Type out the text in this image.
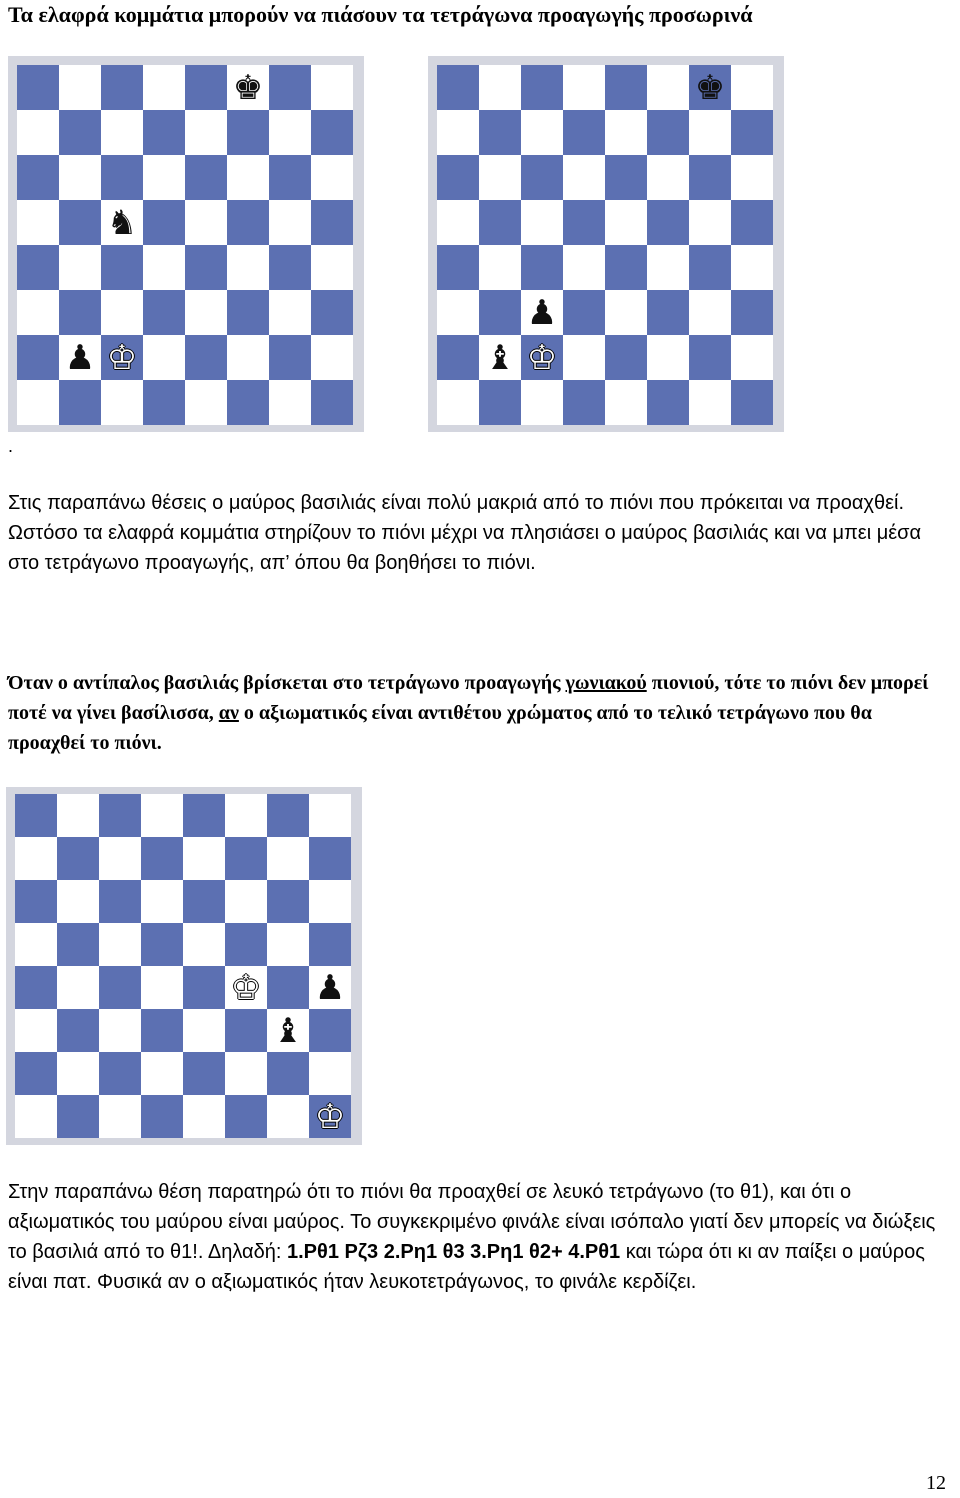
Τα ελαφρά κομμάτια μπορούν να πιάσουν τα τετράγωνα προαγωγής προσωρινά
♚
♞
♟ ♔
♚
♟
♝ ♔
.

Στις παραπάνω θέσεις ο μαύρος βασιλιάς είναι πολύ μακριά από το πιόνι που πρόκειται να προαχθεί. Ωστόσο τα ελαφρά κομμάτια στηρίζουν το πιόνι μέχρι να πλησιάσει ο μαύρος βασιλιάς και να μπει μέσα στο τετράγωνο προαγωγής, απ’ όπου θα βοηθήσει το πιόνι.

Όταν ο αντίπαλος βασιλιάς βρίσκεται στο τετράγωνο προαγωγής γωνιακού πιονιού, τότε το πιόνι δεν μπορεί ποτέ να γίνει βασίλισσα, αν ο αξιωματικός είναι αντιθέτου χρώματος από το τελικό τετράγωνο που θα προαχθεί το πιόνι.

♔ ♟
♝
♔

Στην παραπάνω θέση παρατηρώ ότι το πιόνι θα προαχθεί σε λευκό τετράγωνο (το θ1), και ότι ο αξιωματικός του μαύρου είναι μαύρος. Το συγκεκριμένο φινάλε είναι ισόπαλο γιατί δεν μπορείς να διώξεις το βασιλιά από το θ1!. Δηλαδή: 1.Ρθ1 Ρζ3 2.Ρη1 θ3 3.Ρη1 θ2+ 4.Ρθ1 και τώρα ότι κι αν παίξει ο μαύρος είναι πατ. Φυσικά αν ο αξιωματικός ήταν λευκοτετράγωνος, το φινάλε κερδίζει.

12
